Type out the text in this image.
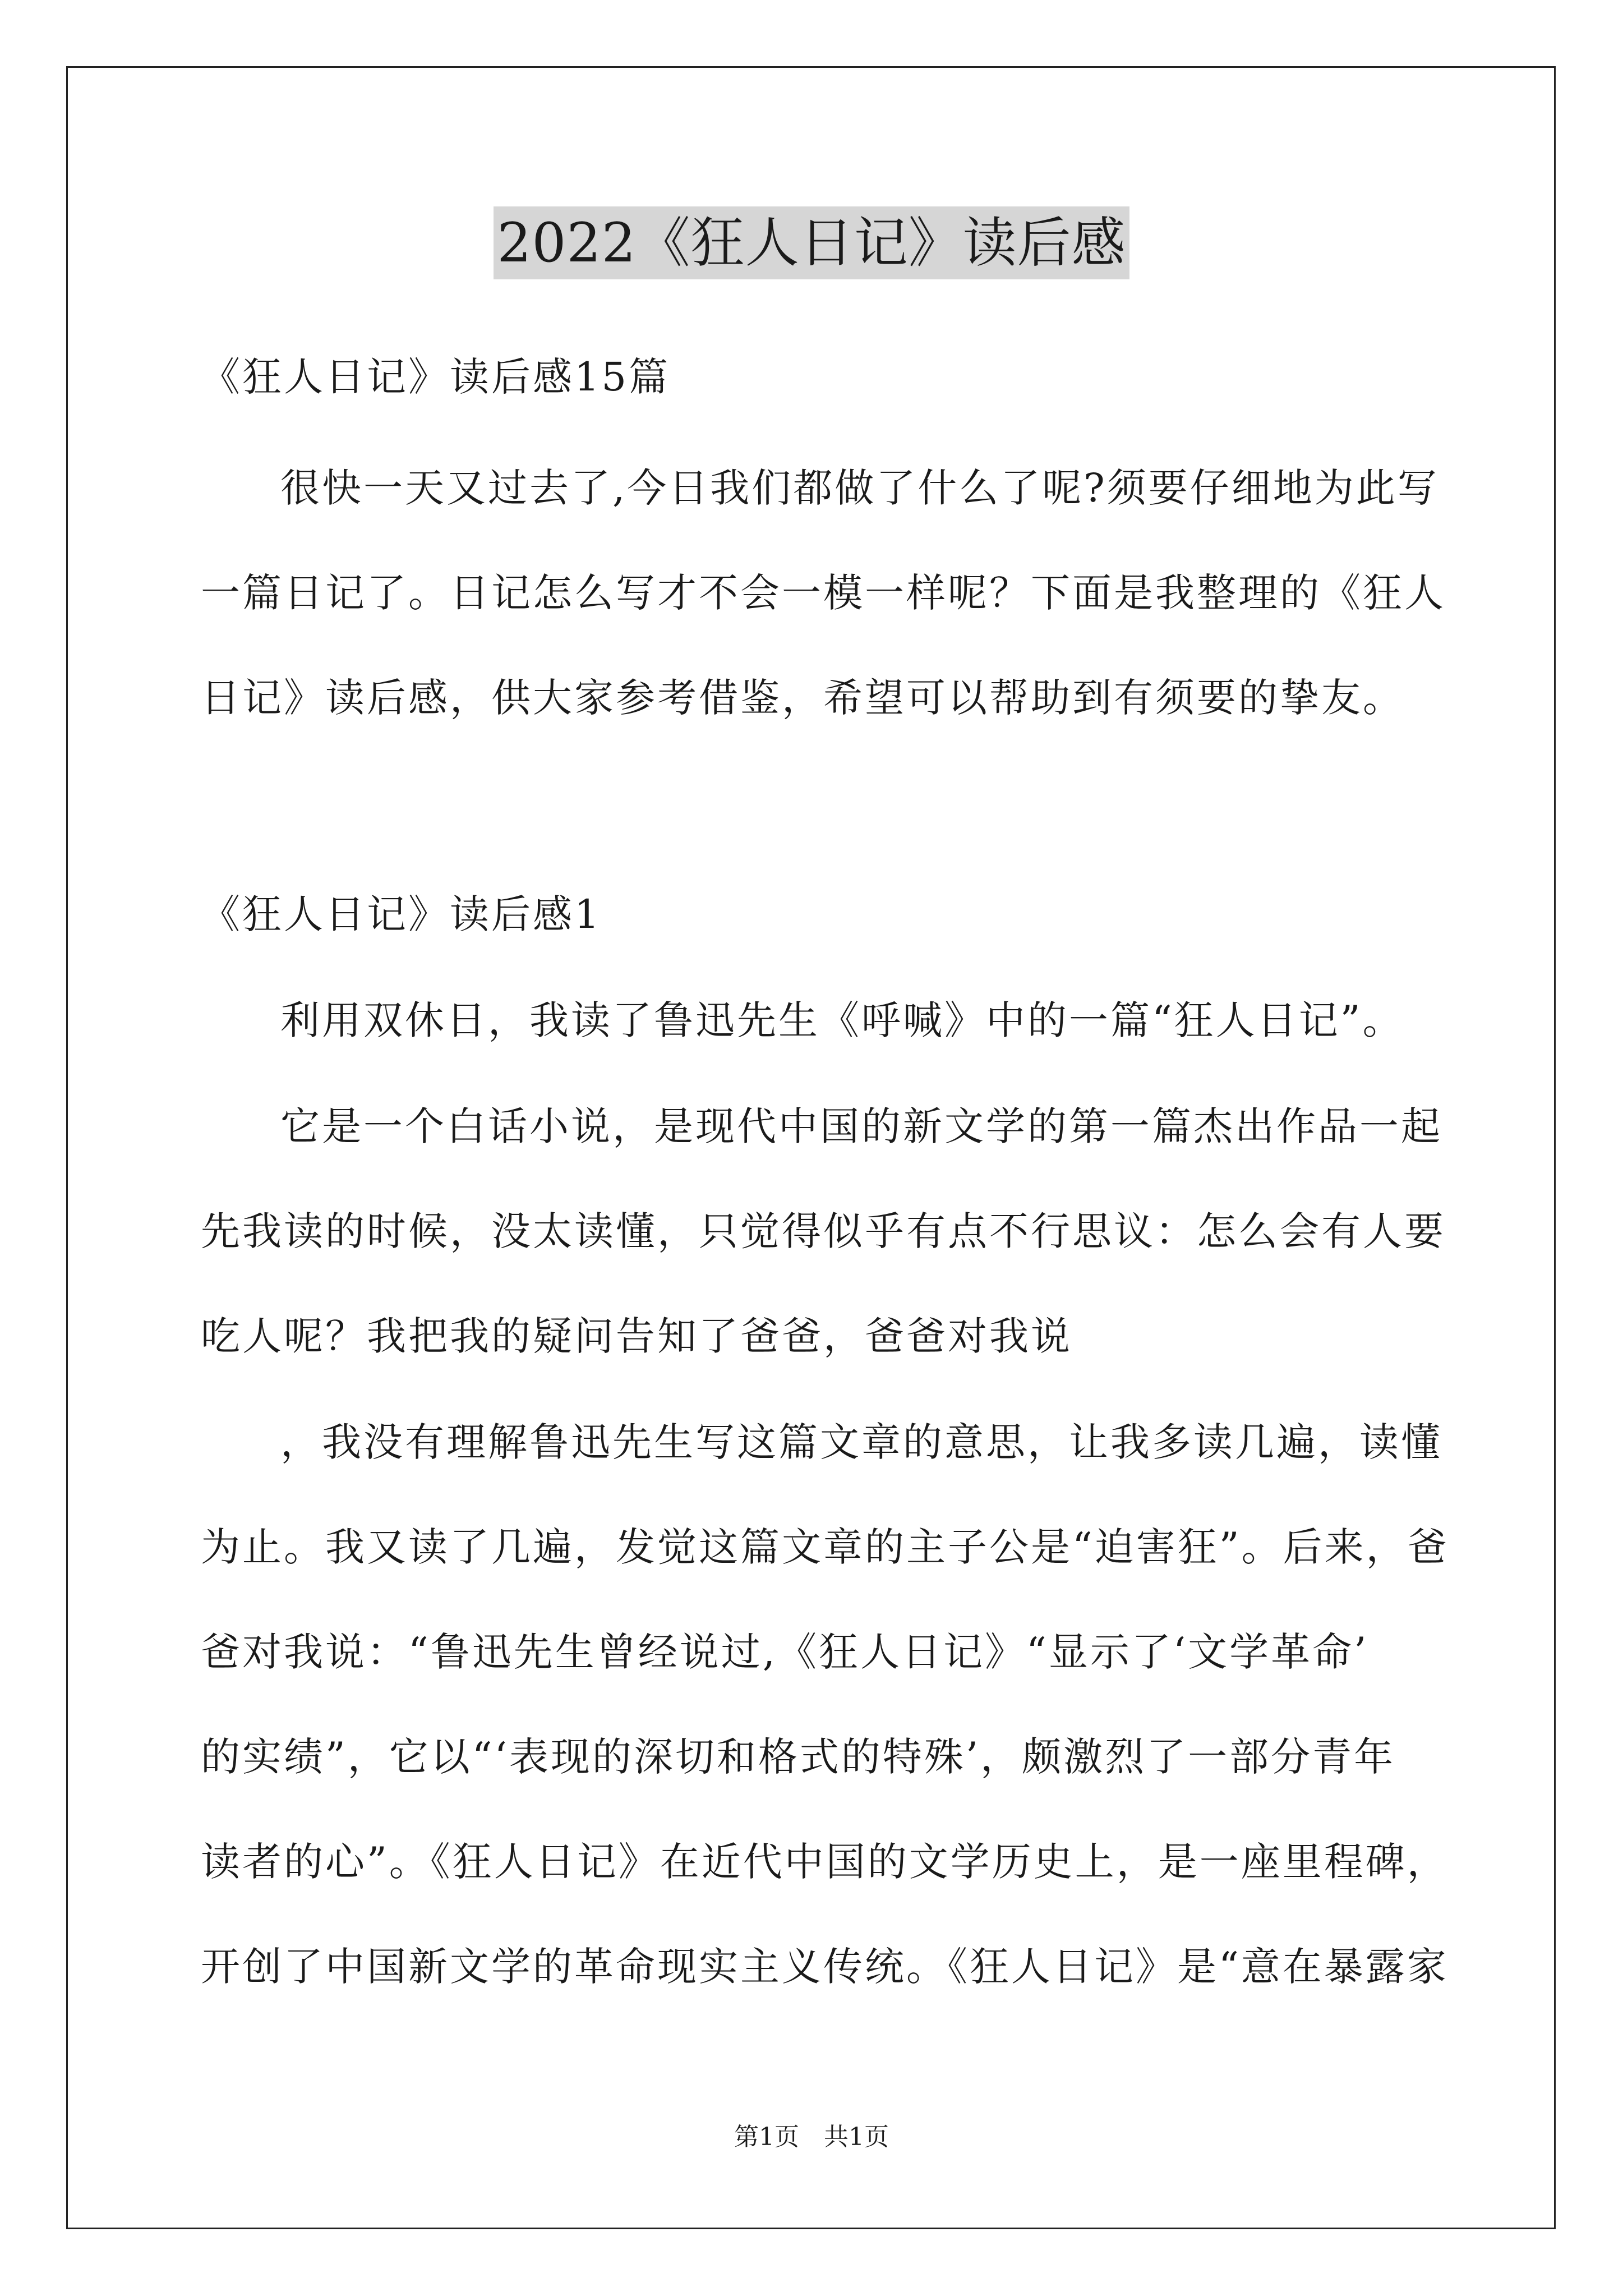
2022《狂人日记》读后感
《狂人日记》读后感15篇
很快一天又过去了,今日我们都做了什么了呢?须要仔细地为此写
一篇日记了。日记怎么写才不会一模一样呢？下面是我整理的《狂人
日记》读后感，供大家参考借鉴，希望可以帮助到有须要的挚友。
《狂人日记》读后感1
利用双休日，我读了鲁迅先生《呼喊》中的一篇“狂人日记”。
它是一个白话小说，是现代中国的新文学的第一篇杰出作品一起
先我读的时候，没太读懂，只觉得似乎有点不行思议：怎么会有人要
吃人呢？我把我的疑问告知了爸爸，爸爸对我说
，我没有理解鲁迅先生写这篇文章的意思，让我多读几遍，读懂
为止。我又读了几遍，发觉这篇文章的主子公是“迫害狂”。后来，爸
爸对我说：“鲁迅先生曾经说过,《狂人日记》“显示了‘文学革命’
的实绩”，它以“‘表现的深切和格式的特殊’，颇激烈了一部分青年
读者的心”。《狂人日记》在近代中国的文学历史上，是一座里程碑，
开创了中国新文学的革命现实主义传统。《狂人日记》是“意在暴露家
第1页　共1页
